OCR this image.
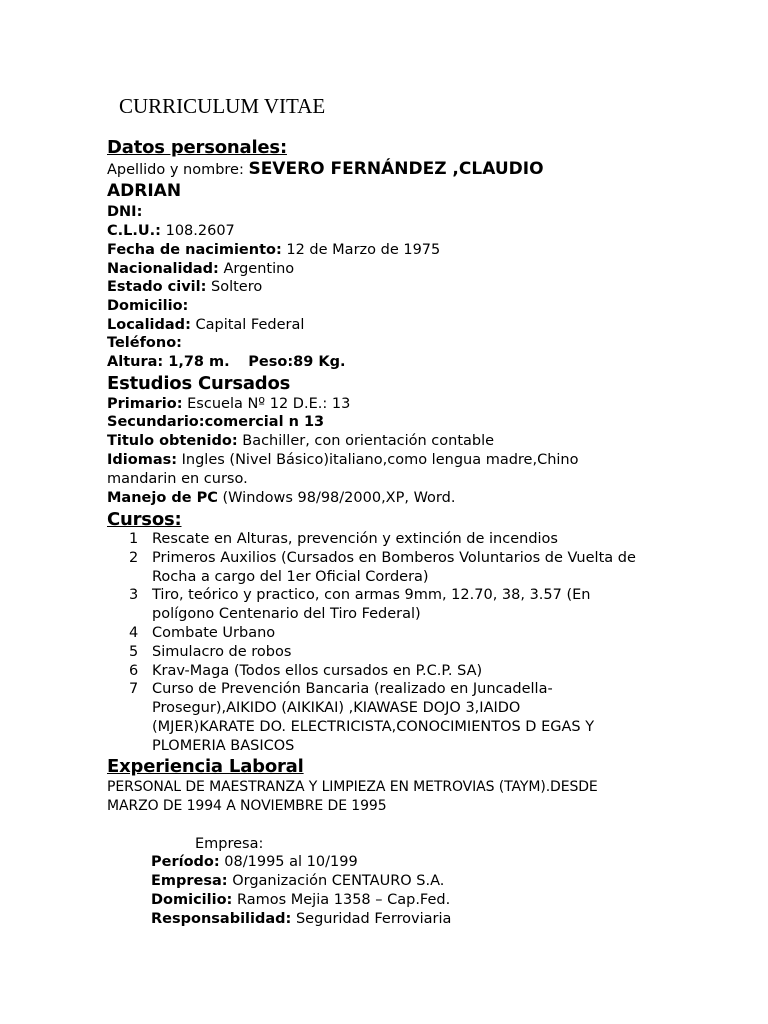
CURRICULUM VITAE
Datos personales:
Apellido y nombre: SEVERO FERNÁNDEZ ,CLAUDIO
ADRIAN
DNI:
C.L.U.: 108.2607
Fecha de nacimiento: 12 de Marzo de 1975
Nacionalidad: Argentino
Estado civil: Soltero
Domicilio:
Localidad: Capital Federal
Teléfono:
Altura: 1,78 m. Peso:89 Kg.
Estudios Cursados
Primario: Escuela Nº 12 D.E.: 13
Secundario:comercial n 13
Titulo obtenido: Bachiller, con orientación contable
Idiomas: Ingles (Nivel Básico)italiano,como lengua madre,Chino
mandarin en curso.
Manejo de PC (Windows 98/98/2000,XP, Word.
Cursos:
1 Rescate en Alturas, prevención y extinción de incendios
2 Primeros Auxilios (Cursados en Bomberos Voluntarios de Vuelta de
Rocha a cargo del 1er Oficial Cordera)
3 Tiro, teórico y practico, con armas 9mm, 12.70, 38, 3.57 (En
polígono Centenario del Tiro Federal)
4 Combate Urbano
5 Simulacro de robos
6 Krav-Maga (Todos ellos cursados en P.C.P. SA)
7 Curso de Prevención Bancaria (realizado en Juncadella-
Prosegur),AIKIDO (AIKIKAI) ,KIAWASE DOJO 3,IAIDO
(MJER)KARATE DO. ELECTRICISTA,CONOCIMIENTOS D EGAS Y
PLOMERIA BASICOS
Experiencia Laboral
PERSONAL DE MAESTRANZA Y LIMPIEZA EN METROVIAS (TAYM).DESDE
MARZO DE 1994 A NOVIEMBRE DE 1995
Empresa:
Período: 08/1995 al 10/199
Empresa: Organización CENTAURO S.A.
Domicilio: Ramos Mejia 1358 – Cap.Fed.
Responsabilidad: Seguridad Ferroviaria
